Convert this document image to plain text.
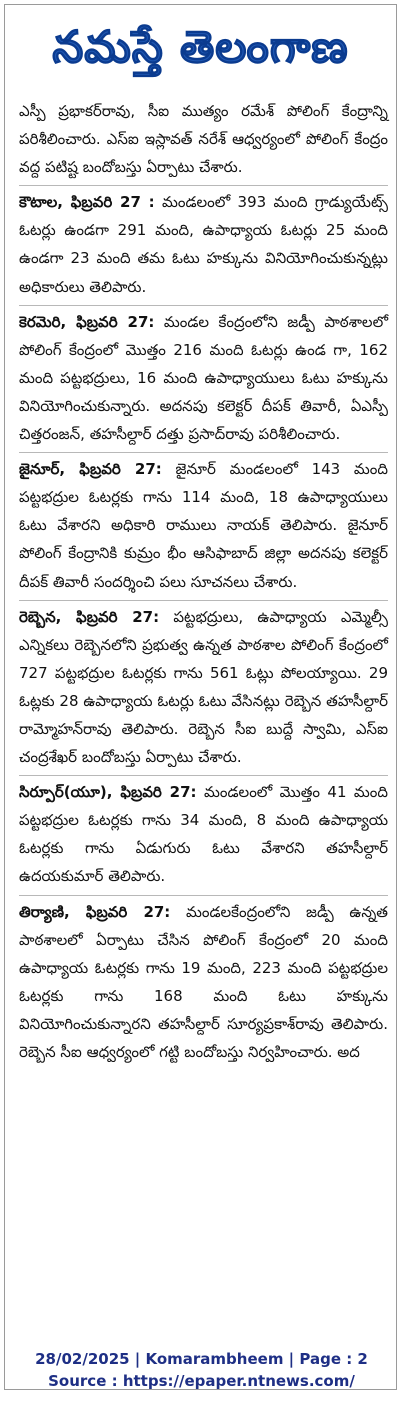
నమస్తే తెలంగాణ

ఎస్పీ ప్రభాకర్‌రావు, సీఐ ముత్యం రమేశ్ పోలింగ్ కేంద్రాన్ని పరిశీలించారు. ఎస్‌ఐ ఇస్లావత్ నరేశ్ ఆధ్వర్యంలో పోలింగ్ కేంద్రం వద్ద పటిష్ట బందోబస్తు ఏర్పాటు చేశారు.

కౌటాల, ఫిబ్రవరి 27 : మండలంలో 393 మంది గ్రాడ్యుయేట్స్ ఓటర్లు ఉండగా 291 మంది, ఉపాధ్యాయ ఓటర్లు 25 మంది ఉండగా 23 మంది తమ ఓటు హక్కును వినియోగించుకున్నట్లు అధికారులు తెలిపారు.

కెరమెరి, ఫిబ్రవరి 27: మండల కేంద్రంలోని జడ్పీ పాఠశాలలో పోలింగ్ కేంద్రంలో మొత్తం 216 మంది ఓటర్లు ఉండ గా, 162 మంది పట్టభద్రులు, 16 మంది ఉపాధ్యాయులు ఓటు హక్కును వినియోగించుకున్నారు. అదనపు కలెక్టర్ దీపక్ తివారీ, ఏఎస్పీ చిత్తరంజన్, తహసీల్దార్ దత్తు ప్రసాద్‌రావు పరిశీలించారు.

జైనూర్, ఫిబ్రవరి 27: జైనూర్ మండలంలో 143 మంది పట్టభద్రుల ఓటర్లకు గాను 114 మంది, 18 ఉపాధ్యాయులు ఓటు వేశారని అధికారి రాములు నాయక్ తెలిపారు. జైనూర్ పోలింగ్ కేంద్రానికి కుమ్రం భీం ఆసిఫాబాద్ జిల్లా అదనపు కలెక్టర్ దీపక్ తివారీ సందర్శించి పలు సూచనలు చేశారు.

రెబ్బెన, ఫిబ్రవరి 27: పట్టభద్రులు, ఉపాధ్యాయ ఎమ్మెల్సీ ఎన్నికలు రెబ్బెనలోని ప్రభుత్వ ఉన్నత పాఠశాల పోలింగ్ కేంద్రంలో 727 పట్టభద్రుల ఓటర్లకు గాను 561 ఓట్లు పోలయ్యాయి. 29 ఓట్లకు 28 ఉపాధ్యాయ ఓటర్లు ఓటు వేసినట్లు రెబ్బెన తహసీల్దార్ రామ్మోహన్‌రావు తెలిపారు. రెబ్బెన సీఐ బుద్దే స్వామి, ఎస్‌ఐ చంద్రశేఖర్ బందోబస్తు ఏర్పాటు చేశారు.

సిర్పూర్(యూ), ఫిబ్రవరి 27: మండలంలో మొత్తం 41 మంది పట్టభద్రుల ఓటర్లకు గాను 34 మంది, 8 మంది ఉపాధ్యాయ ఓటర్లకు గాను ఏడుగురు ఓటు వేశారని తహసీల్దార్ ఉదయకుమార్ తెలిపారు.

తిర్యాణి, ఫిబ్రవరి 27: మండలకేంద్రంలోని జడ్పీ ఉన్నత పాఠశాలలో ఏర్పాటు చేసిన పోలింగ్ కేంద్రంలో 20 మంది ఉపాధ్యాయ ఓటర్లకు గాను 19 మంది, 223 మంది పట్టభద్రుల ఓటర్లకు గాను 168 మంది ఓటు హక్కును వినియోగించుకున్నారని తహసీల్దార్ సూర్యప్రకాశ్‌రావు తెలిపారు. రెబ్బెన సీఐ ఆధ్వర్యంలో గట్టి బందోబస్తు నిర్వహించారు. అద

28/02/2025 | Komarambheem | Page : 2
Source : https://epaper.ntnews.com/
